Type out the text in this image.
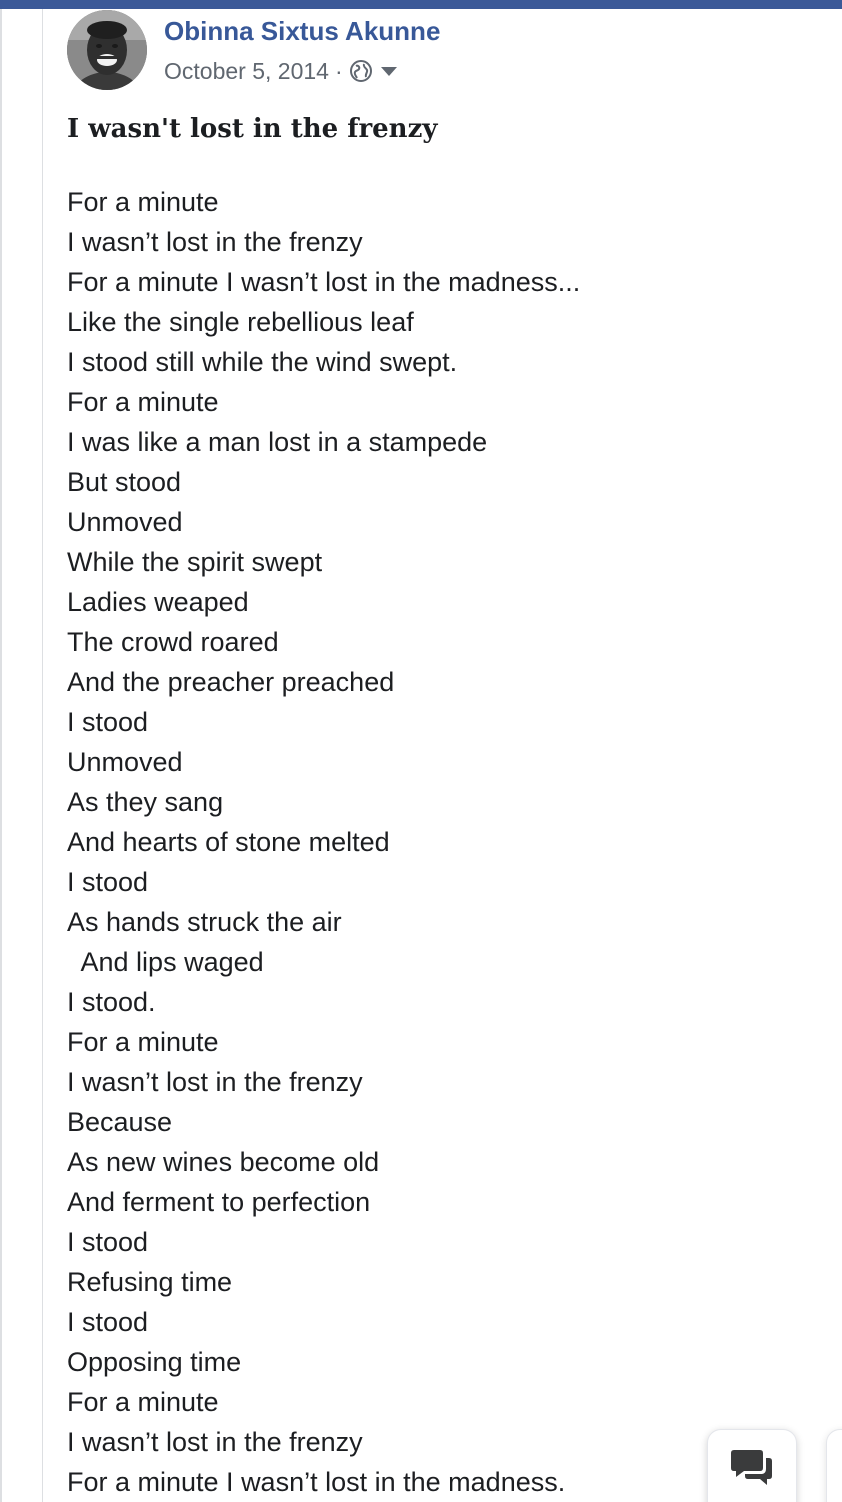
Obinna Sixtus Akunne
October 5, 2014 ·
I wasn't lost in the frenzy
For a minute
I wasn’t lost in the frenzy
For a minute I wasn’t lost in the madness...
Like the single rebellious leaf
I stood still while the wind swept.
For a minute
I was like a man lost in a stampede
But stood
Unmoved
While the spirit swept
Ladies weaped
The crowd roared
And the preacher preached
I stood
Unmoved
As they sang
And hearts of stone melted
I stood
As hands struck the air
And lips waged
I stood.
For a minute
I wasn’t lost in the frenzy
Because
As new wines become old
And ferment to perfection
I stood
Refusing time
I stood
Opposing time
For a minute
I wasn’t lost in the frenzy
For a minute I wasn’t lost in the madness.
